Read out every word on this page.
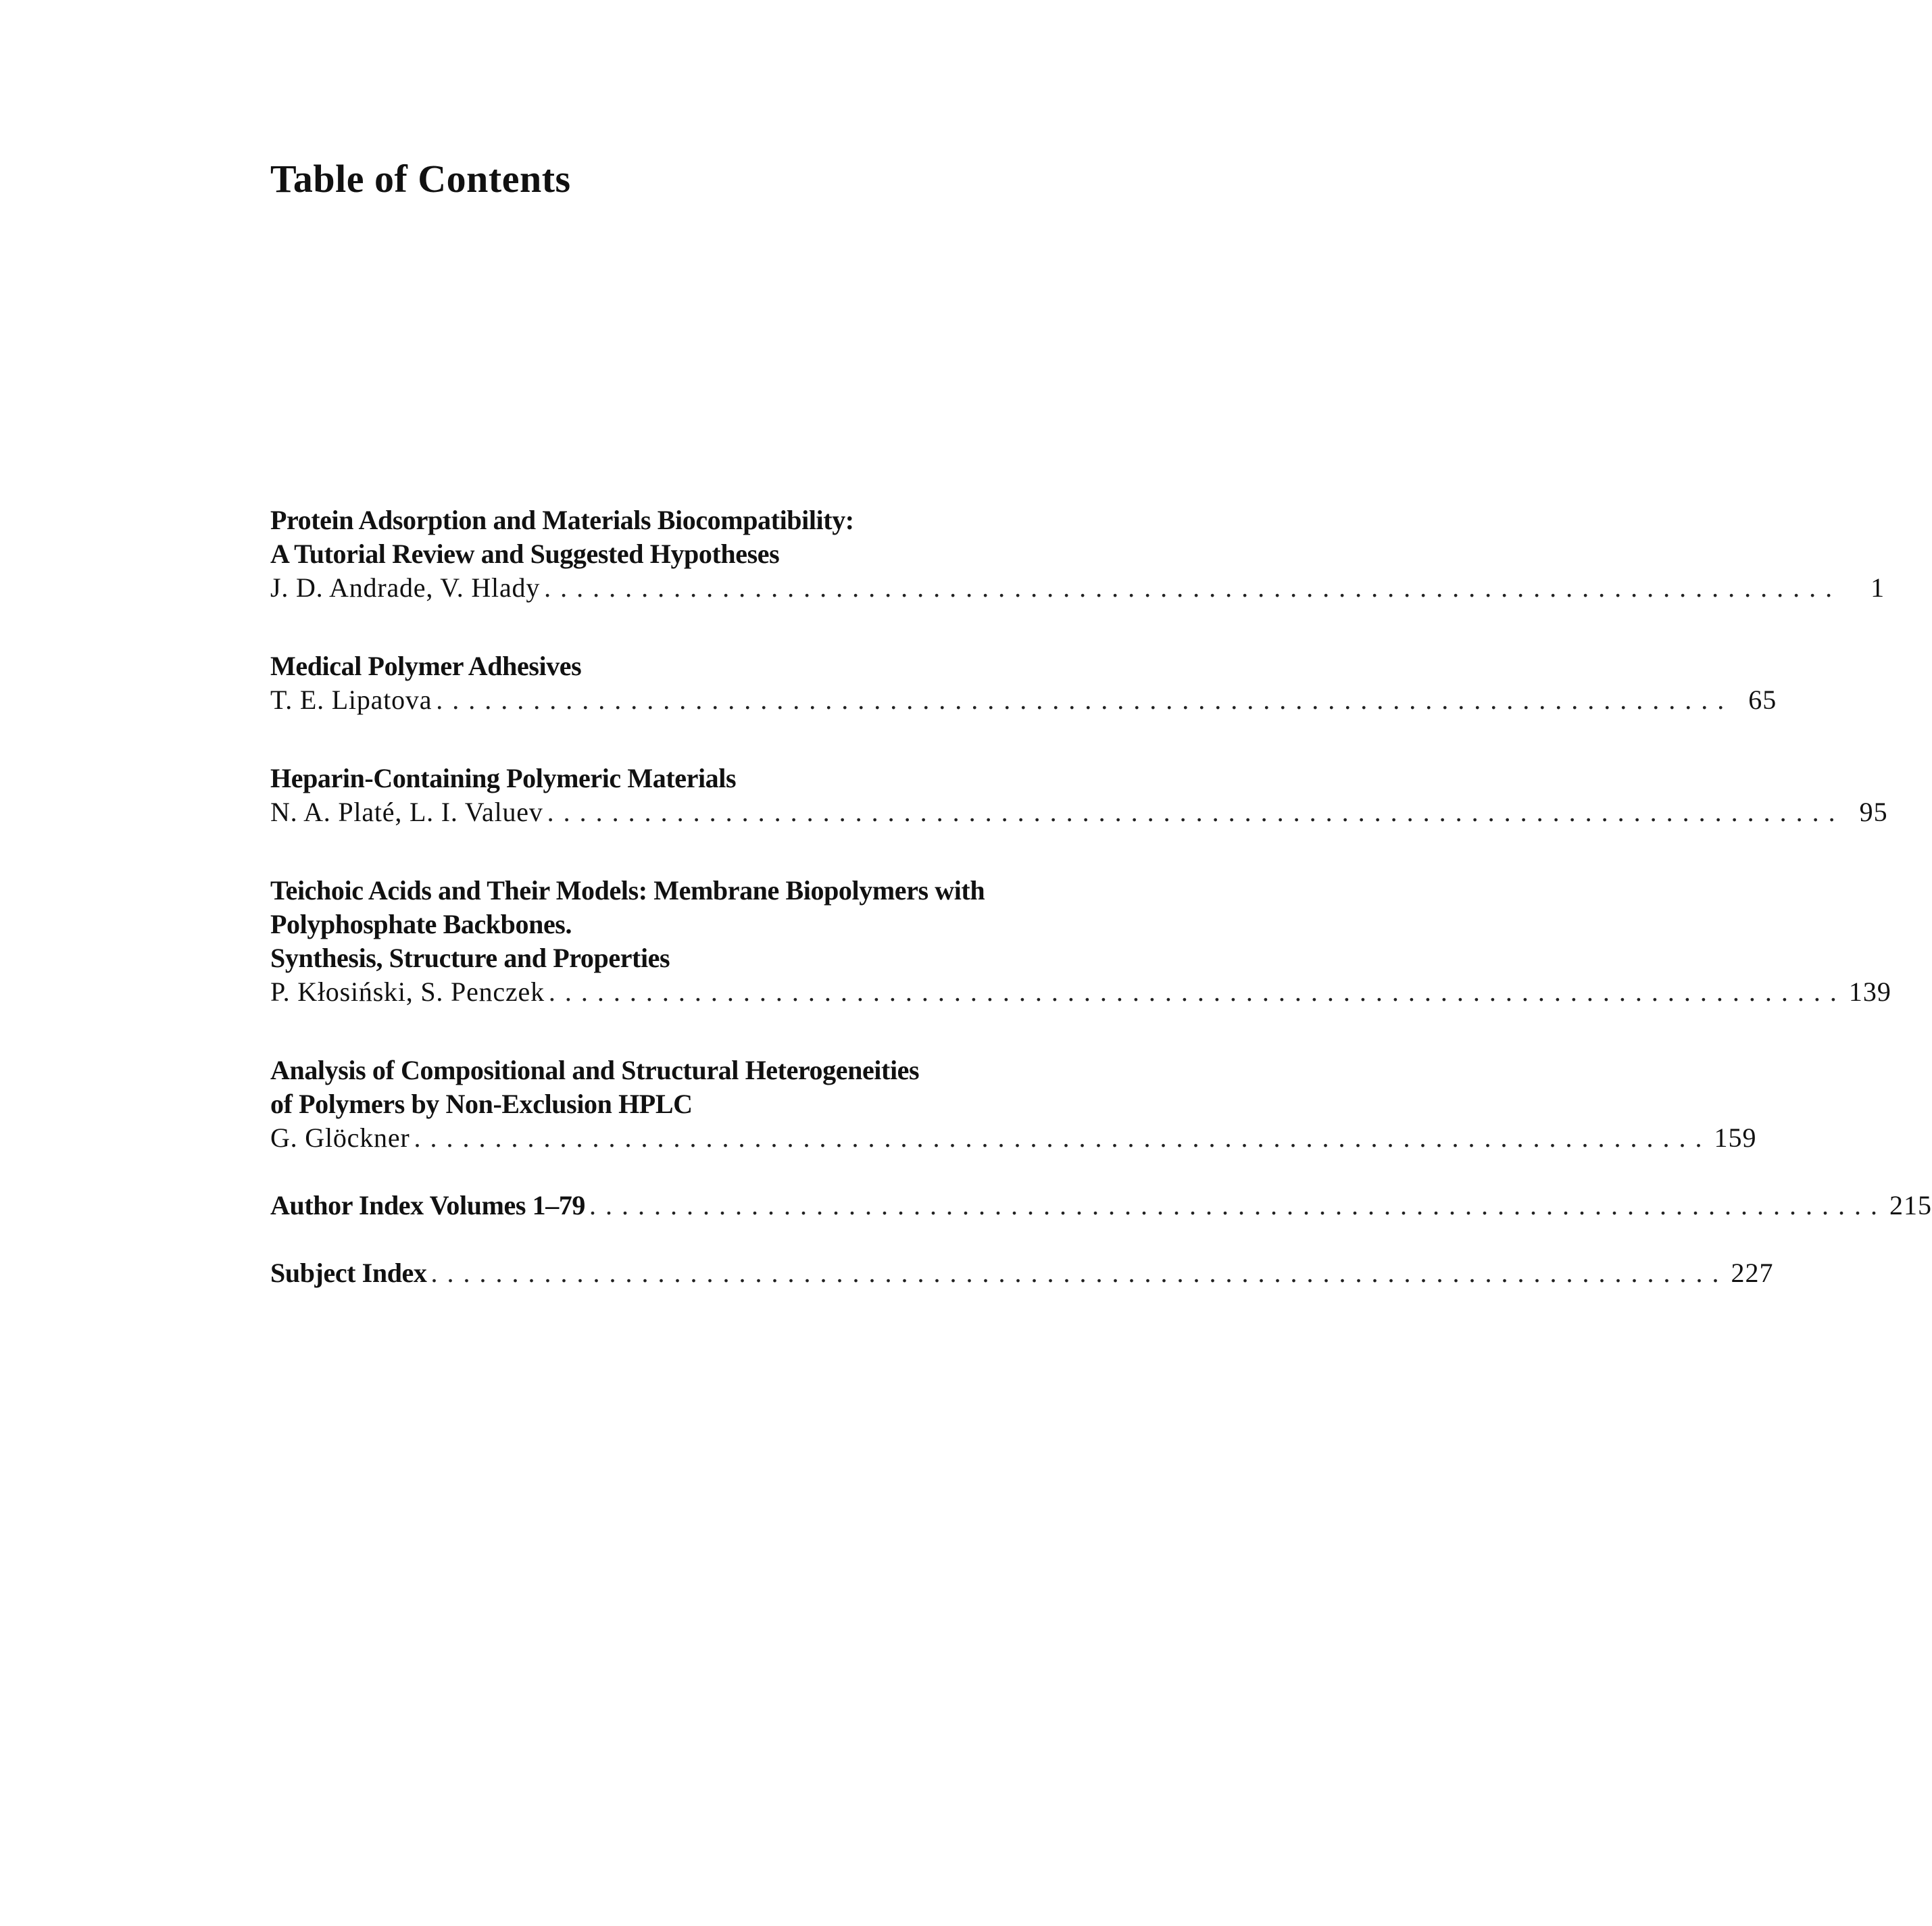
Table of Contents
Protein Adsorption and Materials Biocompatibility:
A Tutorial Review and Suggested Hypotheses
J. D. Andrade, V. Hlady ................................................................................	1
Medical Polymer Adhesives
T. E. Lipatova ................................................................................ 65
Heparin-Containing Polymeric Materials
N. A. Platé, L. I. Valuev ................................................................................ 95
Teichoic Acids and Their Models: Membrane Biopolymers with
Polyphosphate Backbones.
Synthesis, Structure and Properties
P. Kłosiński, S. Penczek ................................................................................ 139
Analysis of Compositional and Structural Heterogeneities
of Polymers by Non-Exclusion HPLC
G. Glöckner ................................................................................ 159
Author Index Volumes 1–79 ................................................................................ 215
Subject Index ................................................................................ 227
